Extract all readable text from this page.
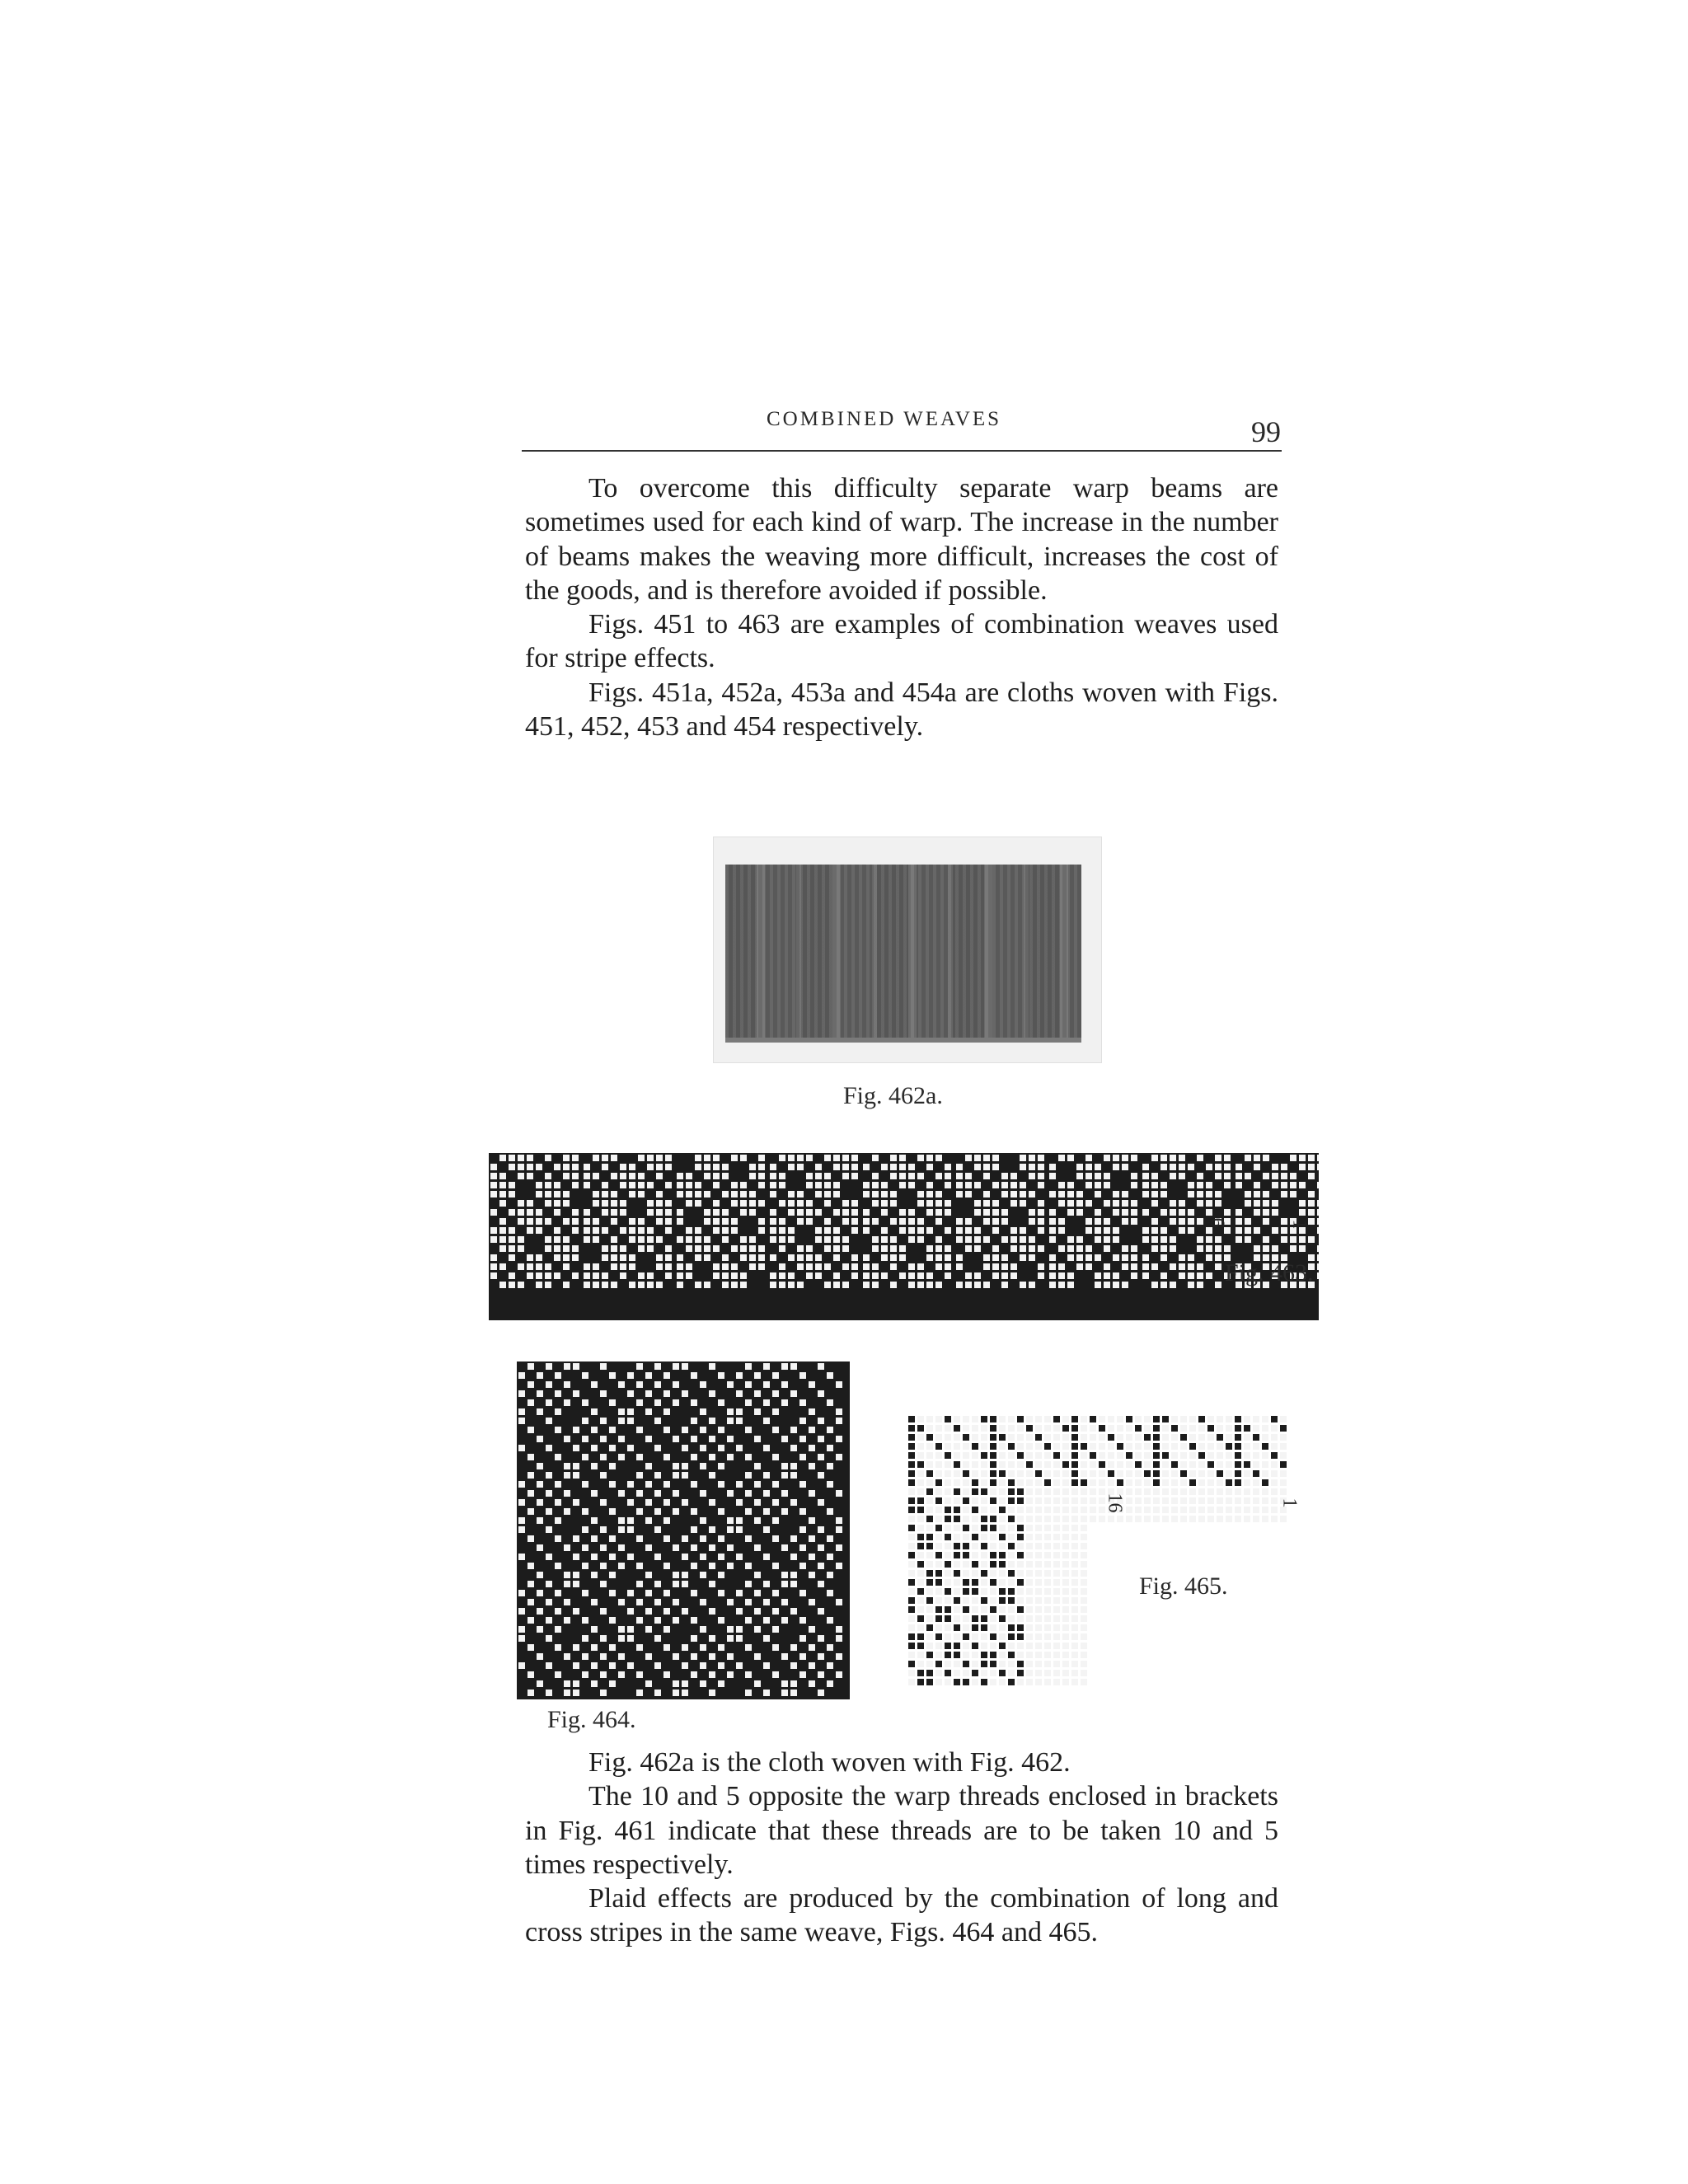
COMBINED WEAVES	99

To overcome this difficulty separate warp beams are sometimes used for each kind of warp. The increase in the number of beams makes the weaving more difficult, increases the cost of the goods, and is therefore avoided if possible.

Figs. 451 to 463 are examples of combination weaves used for stripe effects.

Figs. 451a, 452a, 453a and 454a are cloths woven with Figs. 451, 452, 453 and 454 respectively.

Fig. 462a.
6	1
Fig. 463.
Fig. 464.
16	1
Fig. 465.

Fig. 462a is the cloth woven with Fig. 462.

The 10 and 5 opposite the warp threads enclosed in brackets in Fig. 461 indicate that these threads are to be taken 10 and 5 times respectively.

Plaid effects are produced by the combination of long and cross stripes in the same weave, Figs. 464 and 465.
